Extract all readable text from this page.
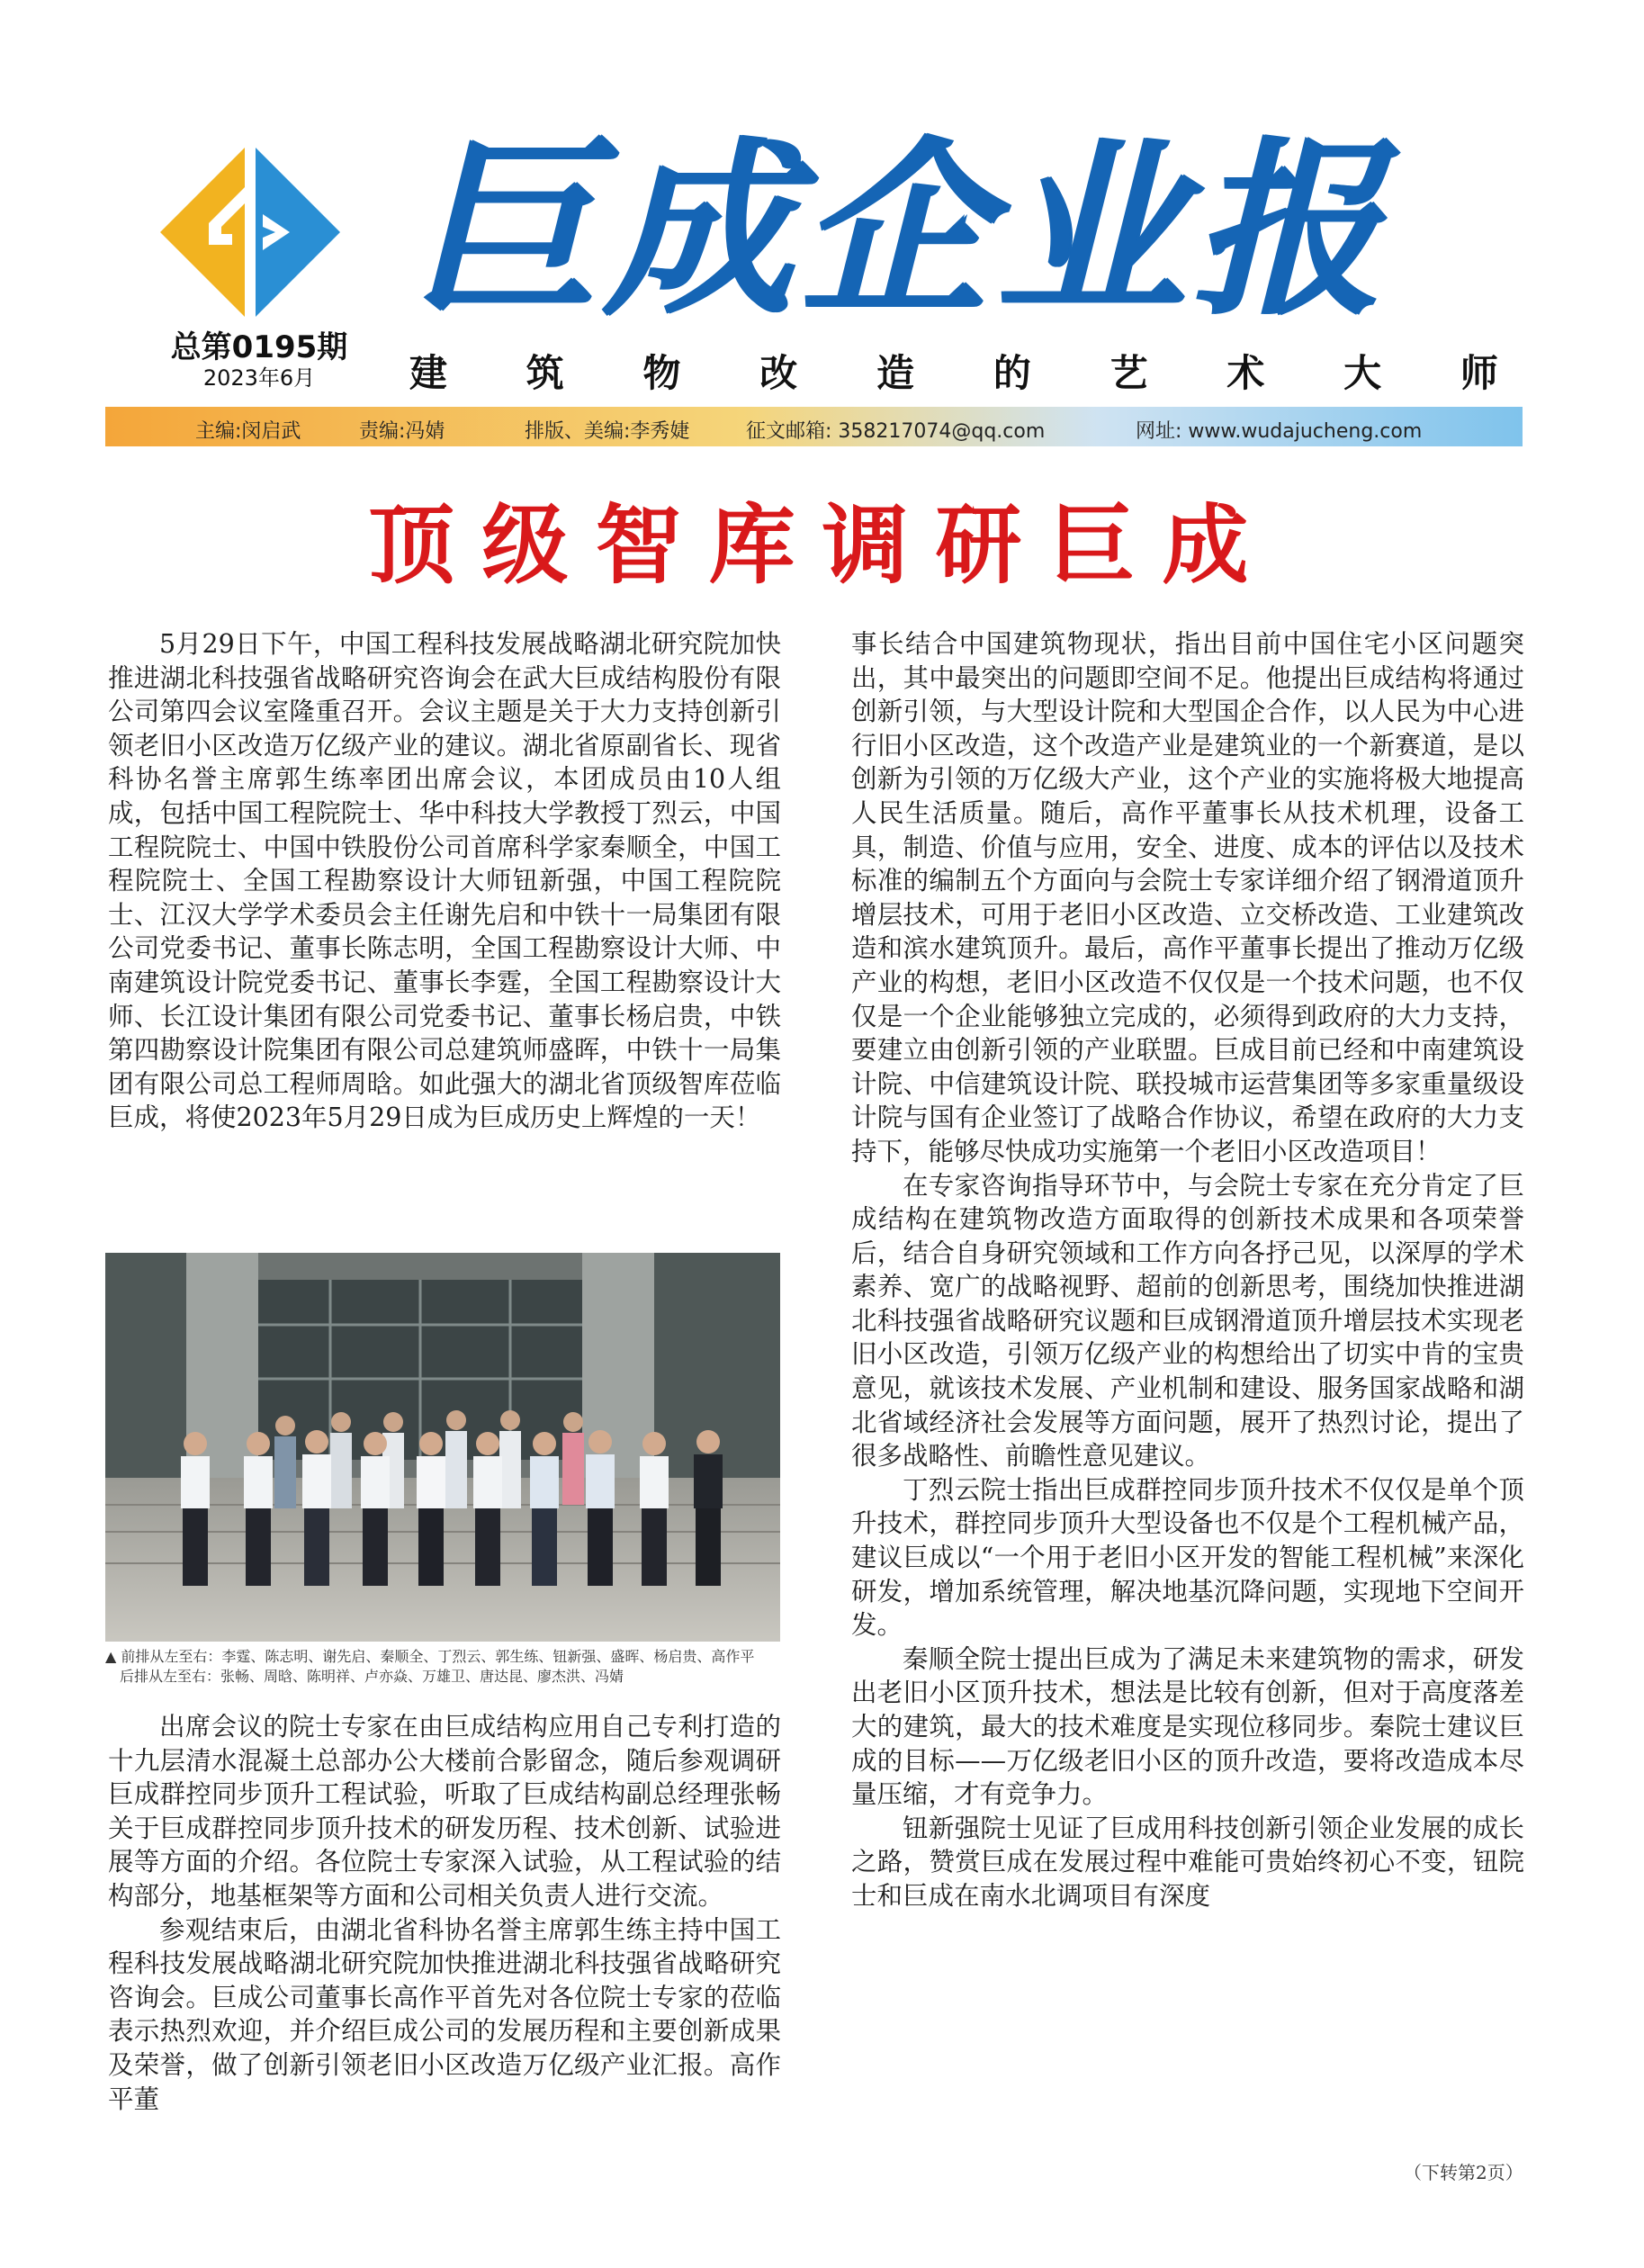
总第0195期
2023年6月
巨成企业报
建 筑 物 改 造 的 艺 术 大 师
主编:闵启武	责编:冯婧	排版、美编:李秀婕	征文邮箱: 358217074@qq.com	网址: www.wudajucheng.com
顶级智库调研巨成

5月29日下午，中国工程科技发展战略湖北研究院加快推进湖北科技强省战略研究咨询会在武大巨成结构股份有限公司第四会议室隆重召开。会议主题是关于大力支持创新引领老旧小区改造万亿级产业的建议。湖北省原副省长、现省科协名誉主席郭生练率团出席会议，本团成员由10人组成，包括中国工程院院士、华中科技大学教授丁烈云，中国工程院院士、中国中铁股份公司首席科学家秦顺全，中国工程院院士、全国工程勘察设计大师钮新强，中国工程院院士、江汉大学学术委员会主任谢先启和中铁十一局集团有限公司党委书记、董事长陈志明，全国工程勘察设计大师、中南建筑设计院党委书记、董事长李霆，全国工程勘察设计大师、长江设计集团有限公司党委书记、董事长杨启贵，中铁第四勘察设计院集团有限公司总建筑师盛晖，中铁十一局集团有限公司总工程师周晗。如此强大的湖北省顶级智库莅临巨成，将使2023年5月29日成为巨成历史上辉煌的一天！

▲ 前排从左至右：李霆、陈志明、谢先启、秦顺全、丁烈云、郭生练、钮新强、盛晖、杨启贵、高作平
后排从左至右：张畅、周晗、陈明祥、卢亦焱、万雄卫、唐达昆、廖杰洪、冯婧

出席会议的院士专家在由巨成结构应用自己专利打造的十九层清水混凝土总部办公大楼前合影留念，随后参观调研巨成群控同步顶升工程试验，听取了巨成结构副总经理张畅关于巨成群控同步顶升技术的研发历程、技术创新、试验进展等方面的介绍。各位院士专家深入试验，从工程试验的结构部分，地基框架等方面和公司相关负责人进行交流。

参观结束后，由湖北省科协名誉主席郭生练主持中国工程科技发展战略湖北研究院加快推进湖北科技强省战略研究咨询会。巨成公司董事长高作平首先对各位院士专家的莅临表示热烈欢迎，并介绍巨成公司的发展历程和主要创新成果及荣誉，做了创新引领老旧小区改造万亿级产业汇报。高作平董

事长结合中国建筑物现状，指出目前中国住宅小区问题突出，其中最突出的问题即空间不足。他提出巨成结构将通过创新引领，与大型设计院和大型国企合作，以人民为中心进行旧小区改造，这个改造产业是建筑业的一个新赛道，是以创新为引领的万亿级大产业，这个产业的实施将极大地提高人民生活质量。随后，高作平董事长从技术机理，设备工具，制造、价值与应用，安全、进度、成本的评估以及技术标准的编制五个方面向与会院士专家详细介绍了钢滑道顶升增层技术，可用于老旧小区改造、立交桥改造、工业建筑改造和滨水建筑顶升。最后，高作平董事长提出了推动万亿级产业的构想，老旧小区改造不仅仅是一个技术问题，也不仅仅是一个企业能够独立完成的，必须得到政府的大力支持，要建立由创新引领的产业联盟。巨成目前已经和中南建筑设计院、中信建筑设计院、联投城市运营集团等多家重量级设计院与国有企业签订了战略合作协议，希望在政府的大力支持下，能够尽快成功实施第一个老旧小区改造项目！

在专家咨询指导环节中，与会院士专家在充分肯定了巨成结构在建筑物改造方面取得的创新技术成果和各项荣誉后，结合自身研究领域和工作方向各抒己见，以深厚的学术素养、宽广的战略视野、超前的创新思考，围绕加快推进湖北科技强省战略研究议题和巨成钢滑道顶升增层技术实现老旧小区改造，引领万亿级产业的构想给出了切实中肯的宝贵意见，就该技术发展、产业机制和建设、服务国家战略和湖北省域经济社会发展等方面问题，展开了热烈讨论，提出了很多战略性、前瞻性意见建议。

丁烈云院士指出巨成群控同步顶升技术不仅仅是单个顶升技术，群控同步顶升大型设备也不仅是个工程机械产品，建议巨成以“一个用于老旧小区开发的智能工程机械”来深化研发，增加系统管理，解决地基沉降问题，实现地下空间开发。

秦顺全院士提出巨成为了满足未来建筑物的需求，研发出老旧小区顶升技术，想法是比较有创新，但对于高度落差大的建筑，最大的技术难度是实现位移同步。秦院士建议巨成的目标——万亿级老旧小区的顶升改造，要将改造成本尽量压缩，才有竞争力。

钮新强院士见证了巨成用科技创新引领企业发展的成长之路，赞赏巨成在发展过程中难能可贵始终初心不变，钮院士和巨成在南水北调项目有深度

（下转第2页）
